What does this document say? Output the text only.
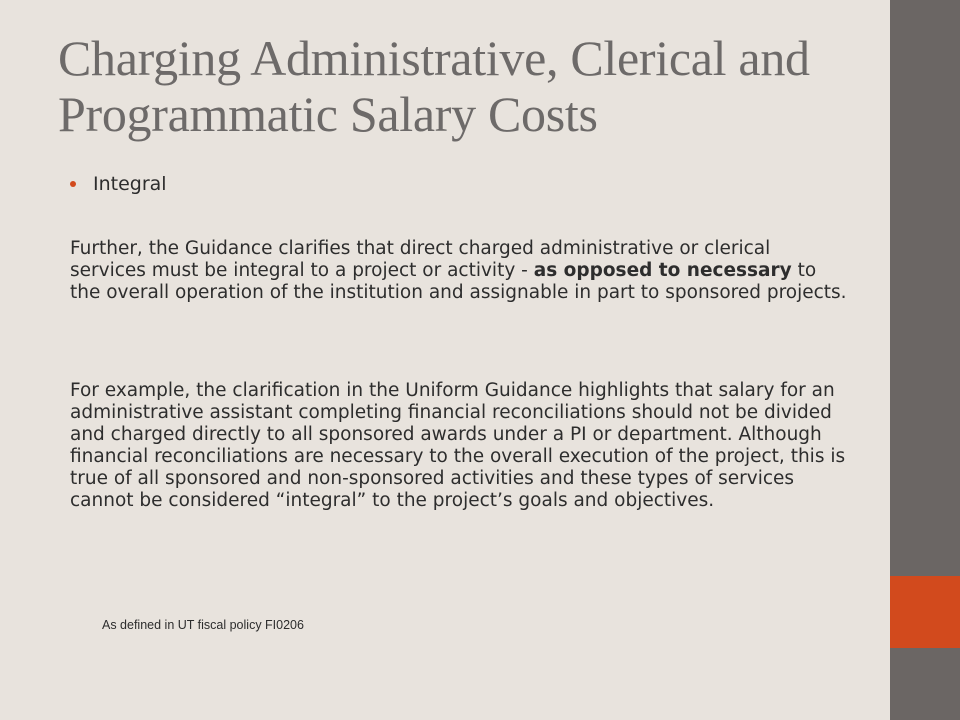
Charging Administrative, Clerical and Programmatic Salary Costs
Integral

Further, the Guidance clarifies that direct charged administrative or clerical services must be integral to a project or activity - as opposed to necessary to the overall operation of the institution and assignable in part to sponsored projects.

For example, the clarification in the Uniform Guidance highlights that salary for an administrative assistant completing financial reconciliations should not be divided and charged directly to all sponsored awards under a PI or department. Although financial reconciliations are necessary to the overall execution of the project, this is true of all sponsored and non-sponsored activities and these types of services cannot be considered “integral” to the project’s goals and objectives.

As defined in UT fiscal policy FI0206
